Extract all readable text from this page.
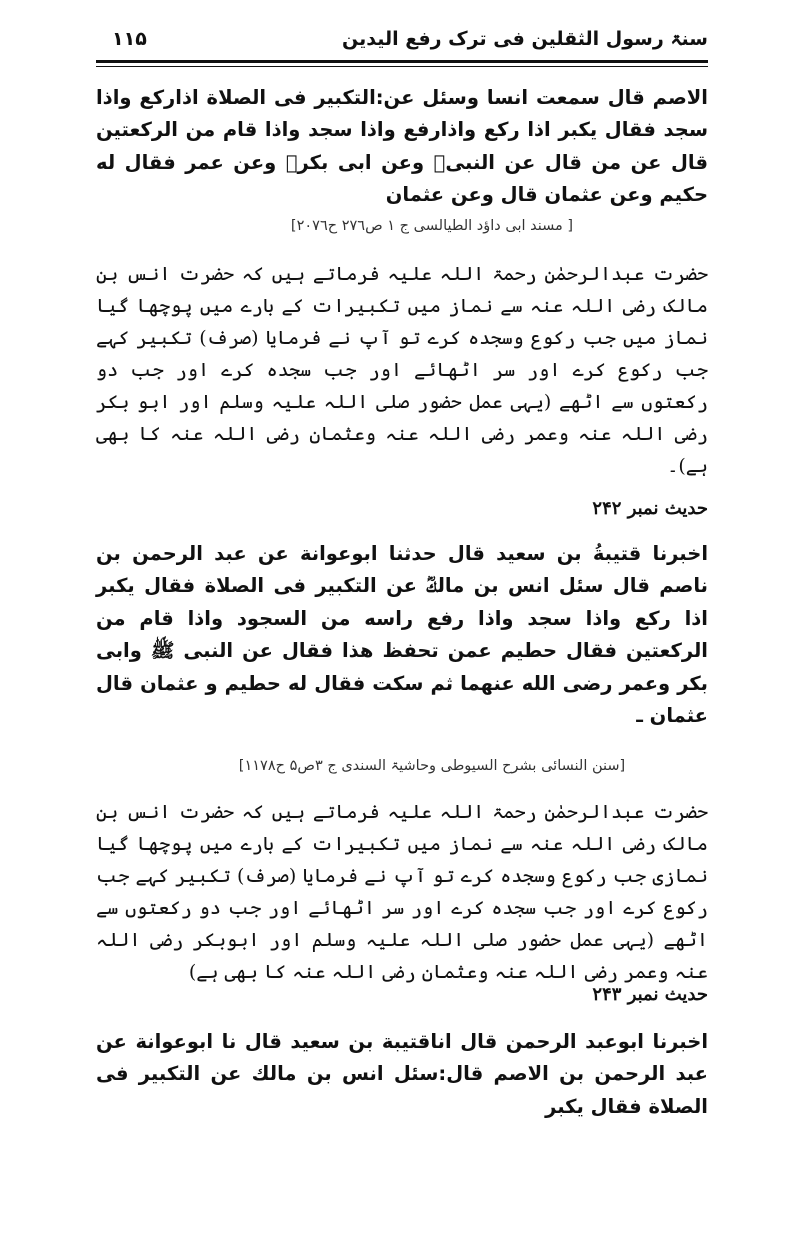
سنۃ رسول الثقلین فی ترک رفع الیدین
۱۱۵
الاصم قال سمعت انسا وسئل عن:التكبير فى الصلاة اذاركع واذا سجد فقال يكبر اذا ركع واذارفع واذا سجد واذا قام من الركعتين قال عن من قال عن النبیﷺ وعن ابی بكرؓ وعن عمر فقال له حكيم وعن عثمان قال وعن عثمان
[ مسند ابی داؤد الطیالسی ج ۱ ص۲۷٦ ح۲۰۷٦]
حضرت عبدالرحمٰن رحمۃ اللہ علیہ فرماتے ہیں کہ حضرت انس بن مالک رضی اللہ عنہ سے نماز میں تکبیرات کے بارے میں پوچھا گیا نماز میں جب رکوع وسجدہ کرے تو آپ نے فرمایا (صرف) تکبیر کہے جب رکوع کرے اور سر اٹھائے اور جب سجدہ کرے اور جب دو رکعتوں سے اٹھے (یہی عمل حضور صلی اللہ علیہ وسلم اور ابو بکر رضی اللہ عنہ وعمر رضی اللہ عنہ وعثمان رضی اللہ عنہ کا بھی ہے)۔
حدیث نمبر ۲۴۲
اخبرنا قتيبةُ بن سعيد قال حدثنا ابوعوانة عن عبد الرحمن بن ناصم قال سئل انس بن مالكؓ عن التكبير فى الصلاة فقال يكبر اذا ركع واذا سجد واذا رفع راسه من السجود واذا قام من الركعتين فقال حطيم عمن تحفظ هذا فقال عن النبى ﷺ وابى بكر وعمر رضى الله عنهما ثم سكت فقال له حطيم و عثمان قال عثمان ـ
[سنن النسائی بشرح السیوطی وحاشیۃ السندی ج ۳ص۵ ح۱۱۷۸]
حضرت عبدالرحمٰن رحمۃ اللہ علیہ فرماتے ہیں کہ حضرت انس بن مالک رضی اللہ عنہ سے نماز میں تکبیرات کے بارے میں پوچھا گیا نمازی جب رکوع وسجدہ کرے تو آپ نے فرمایا (صرف) تکبیر کہے جب رکوع کرے اور جب سجدہ کرے اور سر اٹھائے اور جب دو رکعتوں سے اٹھے (یہی عمل حضور صلی اللہ علیہ وسلم اور ابوبکر رضی اللہ عنہ وعمر رضی اللہ عنہ وعثمان رضی اللہ عنہ کا بھی ہے)
حدیث نمبر ۲۴۳
اخبرنا ابوعبد الرحمن قال اناقتيبة بن سعيد قال نا ابوعوانة عن عبد الرحمن بن الاصم قال:سئل انس بن مالك عن التكبير فى الصلاة فقال يكبر
